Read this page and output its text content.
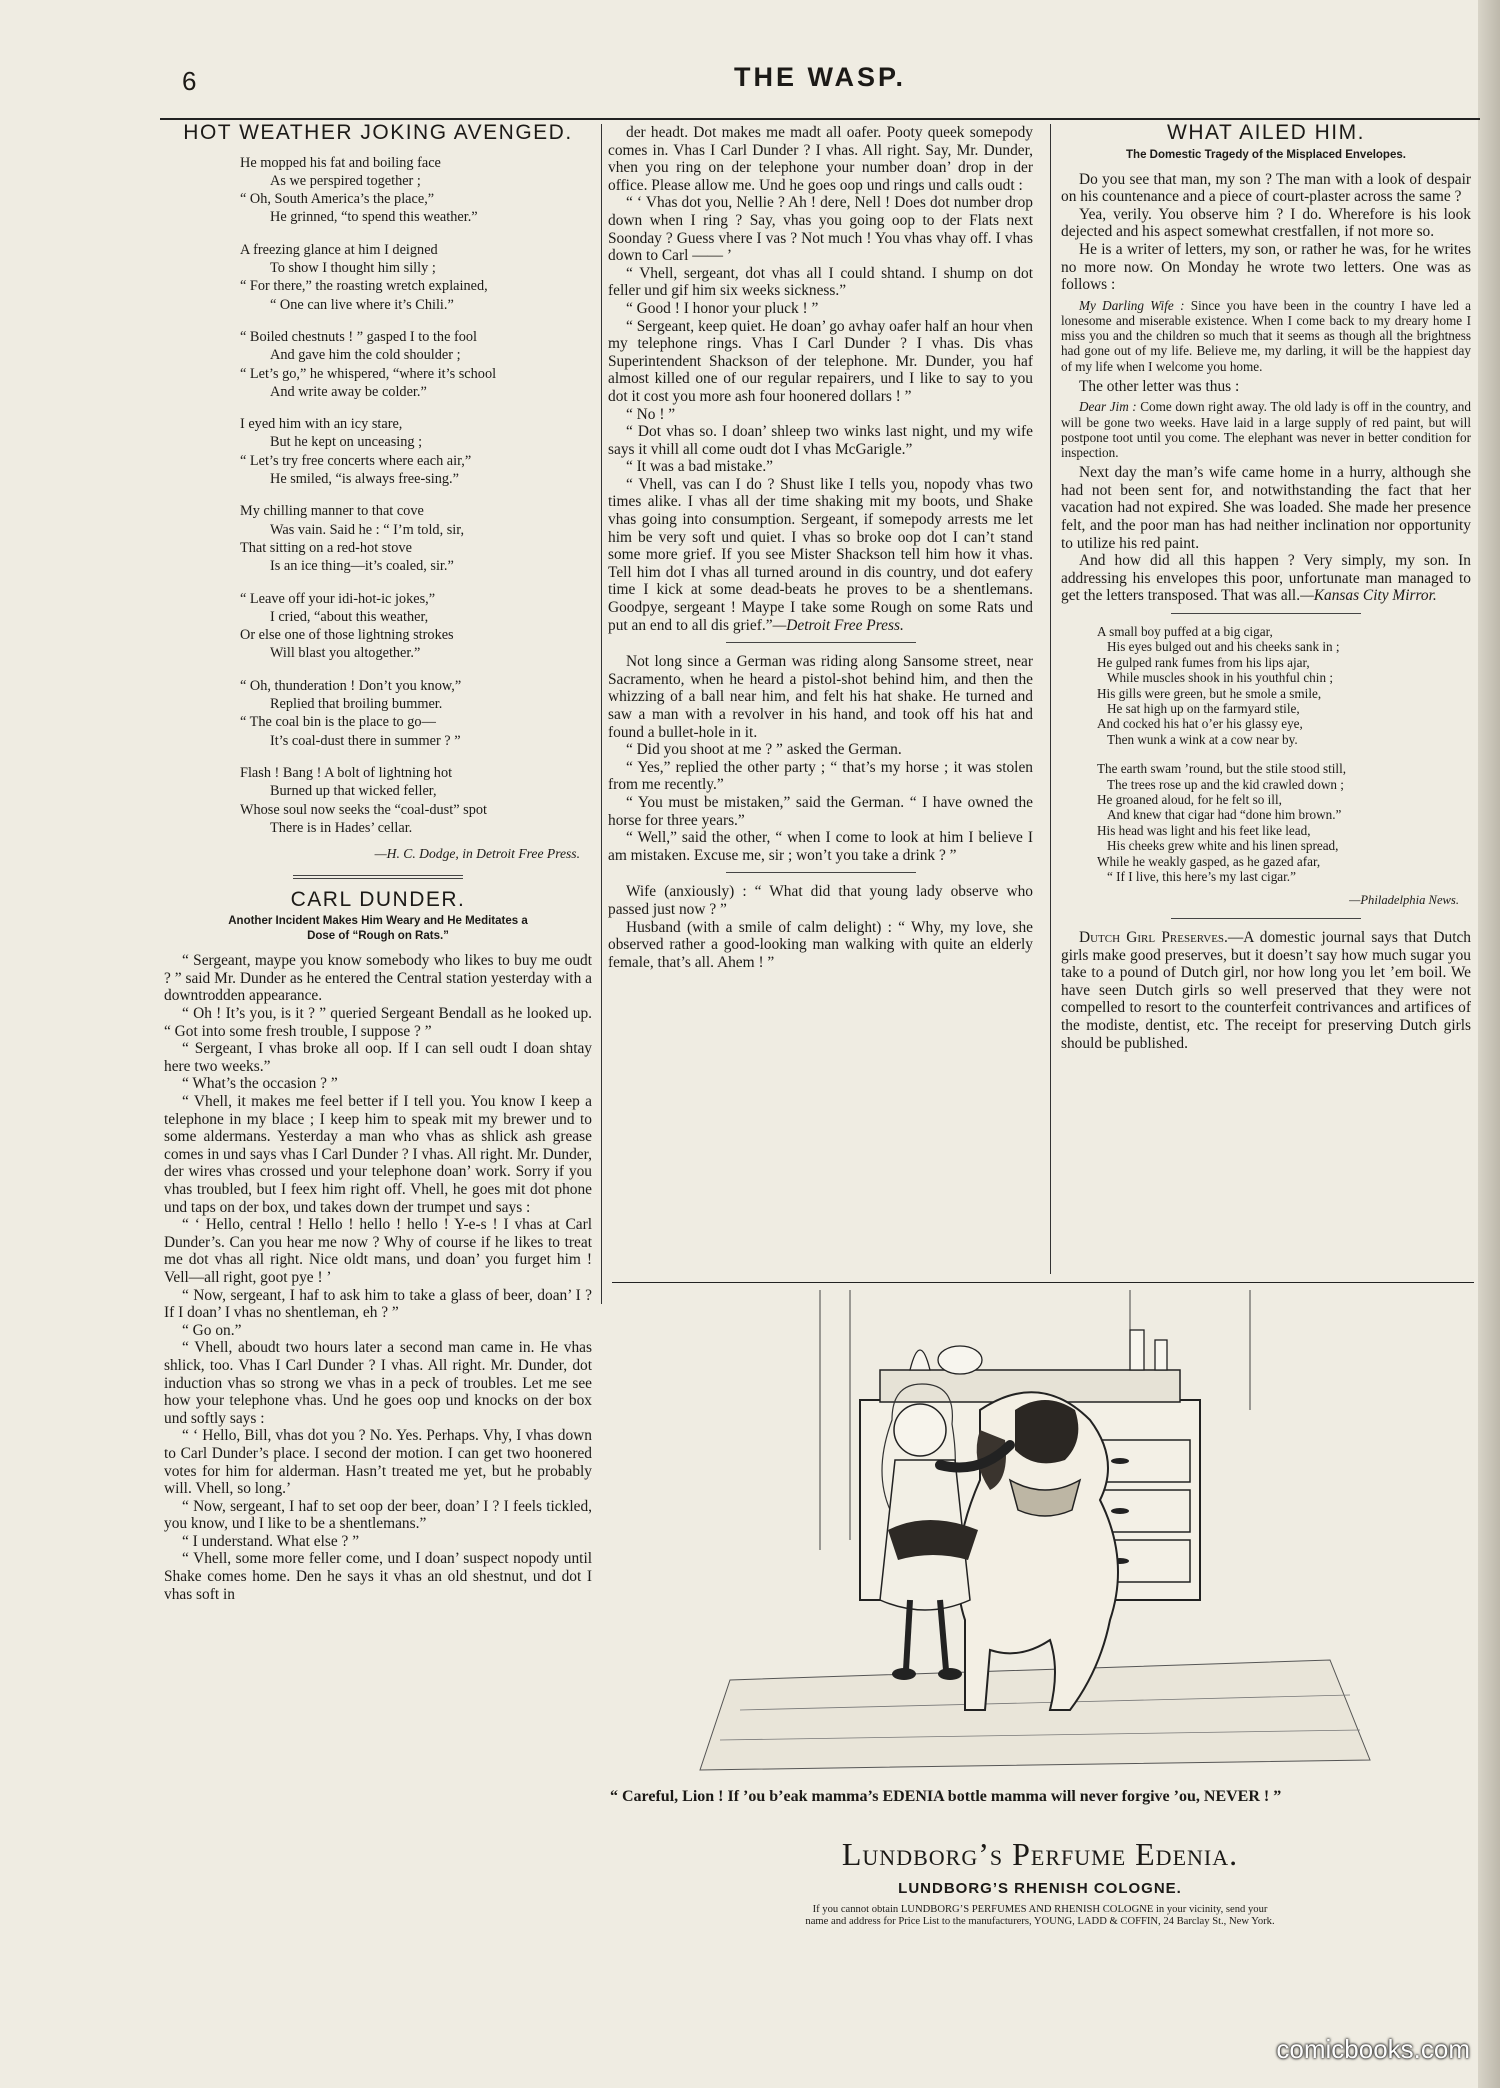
6	THE WASP.
HOT WEATHER JOKING AVENGED.
He mopped his fat and boiling face
As we perspired together ;
“ Oh, South America’s the place,”
He grinned, “to spend this weather.”
A freezing glance at him I deigned
To show I thought him silly ;
“ For there,” the roasting wretch explained,
“ One can live where it’s Chili.”
“ Boiled chestnuts ! ” gasped I to the fool
And gave him the cold shoulder ;
“ Let’s go,” he whispered, “where it’s school
And write away be colder.”
I eyed him with an icy stare,
But he kept on unceasing ;
“ Let’s try free concerts where each air,”
He smiled, “is always free-sing.”
My chilling manner to that cove
Was vain. Said he : “ I’m told, sir,
That sitting on a red-hot stove
Is an ice thing—it’s coaled, sir.”
“ Leave off your idi-hot-ic jokes,”
I cried, “about this weather,
Or else one of those lightning strokes
Will blast you altogether.”
“ Oh, thunderation ! Don’t you know,”
Replied that broiling bummer.
“ The coal bin is the place to go—
It’s coal-dust there in summer ? ”
Flash ! Bang ! A bolt of lightning hot
Burned up that wicked feller,
Whose soul now seeks the “coal-dust” spot
There is in Hades’ cellar.
—H. C. Dodge, in Detroit Free Press.
CARL DUNDER.
Another Incident Makes Him Weary and He Meditates a
Dose of “Rough on Rats.”

“ Sergeant, maype you know somebody who likes to buy me oudt ? ” said Mr. Dunder as he entered the Central station yesterday with a downtrodden appearance.

“ Oh ! It’s you, is it ? ” queried Sergeant Bendall as he looked up. “ Got into some fresh trouble, I suppose ? ”

“ Sergeant, I vhas broke all oop. If I can sell oudt I doan shtay here two weeks.”

“ What’s the occasion ? ”

“ Vhell, it makes me feel better if I tell you. You know I keep a telephone in my blace ; I keep him to speak mit my brewer und to some aldermans. Yesterday a man who vhas as shlick ash grease comes in und says vhas I Carl Dunder ? I vhas. All right. Mr. Dunder, der wires vhas crossed und your telephone doan’ work. Sorry if you vhas troubled, but I feex him right off. Vhell, he goes mit dot phone und taps on der box, und takes down der trumpet und says :

“ ‘ Hello, central ! Hello ! hello ! hello ! Y-e-s ! I vhas at Carl Dunder’s. Can you hear me now ? Why of course if he likes to treat me dot vhas all right. Nice oldt mans, und doan’ you furget him ! Vell—all right, goot pye ! ’

“ Now, sergeant, I haf to ask him to take a glass of beer, doan’ I ? If I doan’ I vhas no shentleman, eh ? ”

“ Go on.”

“ Vhell, aboudt two hours later a second man came in. He vhas shlick, too. Vhas I Carl Dunder ? I vhas. All right. Mr. Dunder, dot induction vhas so strong we vhas in a peck of troubles. Let me see how your telephone vhas. Und he goes oop und knocks on der box und softly says :

“ ‘ Hello, Bill, vhas dot you ? No. Yes. Perhaps. Vhy, I vhas down to Carl Dunder’s place. I second der motion. I can get two hoonered votes for him for alderman. Hasn’t treated me yet, but he probably will. Vhell, so long.’

“ Now, sergeant, I haf to set oop der beer, doan’ I ? I feels tickled, you know, und I like to be a shentlemans.”

“ I understand. What else ? ”

“ Vhell, some more feller come, und I doan’ suspect nopody until Shake comes home. Den he says it vhas an old shestnut, und dot I vhas soft in

der headt. Dot makes me madt all oafer. Pooty queek somepody comes in. Vhas I Carl Dunder ? I vhas. All right. Say, Mr. Dunder, vhen you ring on der telephone your number doan’ drop in der office. Please allow me. Und he goes oop und rings und calls oudt :

“ ‘ Vhas dot you, Nellie ? Ah ! dere, Nell ! Does dot number drop down when I ring ? Say, vhas you going oop to der Flats next Soonday ? Guess vhere I vas ? Not much ! You vhas vhay off. I vhas down to Carl —— ’

“ Vhell, sergeant, dot vhas all I could shtand. I shump on dot feller und gif him six weeks sickness.”

“ Good ! I honor your pluck ! ”

“ Sergeant, keep quiet. He doan’ go avhay oafer half an hour vhen my telephone rings. Vhas I Carl Dunder ? I vhas. Dis vhas Superintendent Shackson of der telephone. Mr. Dunder, you haf almost killed one of our regular repairers, und I like to say to you dot it cost you more ash four hoonered dollars ! ”

“ No ! ”

“ Dot vhas so. I doan’ shleep two winks last night, und my wife says it vhill all come oudt dot I vhas McGarigle.”

“ It was a bad mistake.”

“ Vhell, vas can I do ? Shust like I tells you, nopody vhas two times alike. I vhas all der time shaking mit my boots, und Shake vhas going into consumption. Sergeant, if somepody arrests me let him be very soft und quiet. I vhas so broke oop dot I can’t stand some more grief. If you see Mister Shackson tell him how it vhas. Tell him dot I vhas all turned around in dis country, und dot eafery time I kick at some dead-beats he proves to be a shentlemans. Goodpye, sergeant ! Maype I take some Rough on some Rats und put an end to all dis grief.”—Detroit Free Press.

Not long since a German was riding along Sansome street, near Sacramento, when he heard a pistol-shot behind him, and then the whizzing of a ball near him, and felt his hat shake. He turned and saw a man with a revolver in his hand, and took off his hat and found a bullet-hole in it.

“ Did you shoot at me ? ” asked the German.

“ Yes,” replied the other party ; “ that’s my horse ; it was stolen from me recently.”

“ You must be mistaken,” said the German. “ I have owned the horse for three years.”

“ Well,” said the other, “ when I come to look at him I believe I am mistaken. Excuse me, sir ; won’t you take a drink ? ”

Wife (anxiously) : “ What did that young lady observe who passed just now ? ”

Husband (with a smile of calm delight) : “ Why, my love, she observed rather a good-looking man walking with quite an elderly female, that’s all. Ahem ! ”

WHAT AILED HIM.
The Domestic Tragedy of the Misplaced Envelopes.

Do you see that man, my son ? The man with a look of despair on his countenance and a piece of court-plaster across the same ?

Yea, verily. You observe him ? I do. Wherefore is his look dejected and his aspect somewhat crestfallen, if not more so.

He is a writer of letters, my son, or rather he was, for he writes no more now. On Monday he wrote two letters. One was as follows :

My Darling Wife : Since you have been in the country I have led a lonesome and miserable existence. When I come back to my dreary home I miss you and the children so much that it seems as though all the brightness had gone out of my life. Believe me, my darling, it will be the happiest day of my life when I welcome you home.

The other letter was thus :

Dear Jim : Come down right away. The old lady is off in the country, and will be gone two weeks. Have laid in a large supply of red paint, but will postpone toot until you come. The elephant was never in better condition for inspection.

Next day the man’s wife came home in a hurry, although she had not been sent for, and notwithstanding the fact that her vacation had not expired. She was loaded. She made her presence felt, and the poor man has had neither inclination nor opportunity to utilize his red paint.

And how did all this happen ? Very simply, my son. In addressing his envelopes this poor, unfortunate man managed to get the letters transposed. That was all.—Kansas City Mirror.

A small boy puffed at a big cigar,
His eyes bulged out and his cheeks sank in ;
He gulped rank fumes from his lips ajar,
While muscles shook in his youthful chin ;
His gills were green, but he smole a smile,
He sat high up on the farmyard stile,
And cocked his hat o’er his glassy eye,
Then wunk a wink at a cow near by.
The earth swam ’round, but the stile stood still,
The trees rose up and the kid crawled down ;
He groaned aloud, for he felt so ill,
And knew that cigar had “done him brown.”
His head was light and his feet like lead,
His cheeks grew white and his linen spread,
While he weakly gasped, as he gazed afar,
“ If I live, this here’s my last cigar.”
—Philadelphia News.

Dutch Girl Preserves.—A domestic journal says that Dutch girls make good preserves, but it doesn’t say how much sugar you take to a pound of Dutch girl, nor how long you let ’em boil. We have seen Dutch girls so well preserved that they were not compelled to resort to the counterfeit contrivances and artifices of the modiste, dentist, etc. The receipt for preserving Dutch girls should be published.

“ Careful, Lion ! If ’ou b’eak mamma’s EDENIA bottle mamma will never forgive ’ou, NEVER ! ”
Lundborg’s Perfume Edenia.
LUNDBORG’S RHENISH COLOGNE.
If you cannot obtain LUNDBORG’S PERFUMES AND RHENISH COLOGNE in your vicinity, send your
name and address for Price List to the manufacturers, YOUNG, LADD & COFFIN, 24 Barclay St., New York.
comicbooks.com
